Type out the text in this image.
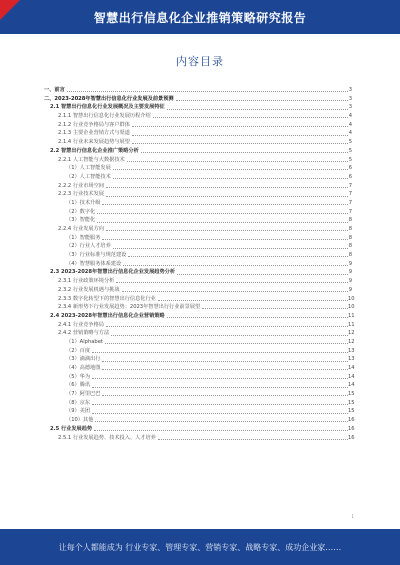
智慧出行信息化企业推销策略研究报告
内容目录
一、前言	3
二、2023-2028年智慧出行信息化行业发展及前景预测	3
2.1 智慧出行信息化行业发展概况及主要发展特征	3
2.1.1 智慧出行信息化行业发展历程介绍	4
2.1.2 行业竞争格局与客户群体	4
2.1.3 主要企业营销方式与渠道	4
2.1.4 行业未来发展趋势与展望	5
2.2 智慧出行信息化企业推广策略分析	5
2.2.1 人工智能与大数据技术	5
（1）人工智能发展	6
（2）人工智能技术	6
2.2.2 行业市场空间	7
2.2.3 行业技术发展	7
（1）技术升级	7
（2）数字化	7
（3）智能化	8
2.2.4 行业发展方向	8
（1）智能服务	8
（2）行业人才培养	8
（3）行业标准与规范建设	8
（4）智慧服务体系建设	9
2.3 2023-2028年智慧出行信息化企业发展趋势分析	9
2.3.1 行业政策环境分析	9
2.3.2 行业发展机遇与挑战	9
2.3.3 数字化转型下的智慧出行信息化行业	10
2.3.4 新形势下行业发展趋势：2023年智慧出行行业前景展望	10
2.4 2023-2028年智慧出行信息化企业营销策略	11
2.4.1 行业竞争格局	11
2.4.2 营销策略与方法	12
（1）Alphabet	12
（2）百度	13
（3）滴滴出行	13
（4）高德地图	14
（5）华为	14
（6）腾讯	14
（7）阿里巴巴	15
（8）京东	15
（9）美团	15
（10）其他	16
2.5 行业发展趋势	16
2.5.1 行业发展趋势、技术投入、人才培养	16
1
让每个人都能成为 行业专家、管理专家、营销专家、战略专家、成功企业家……
